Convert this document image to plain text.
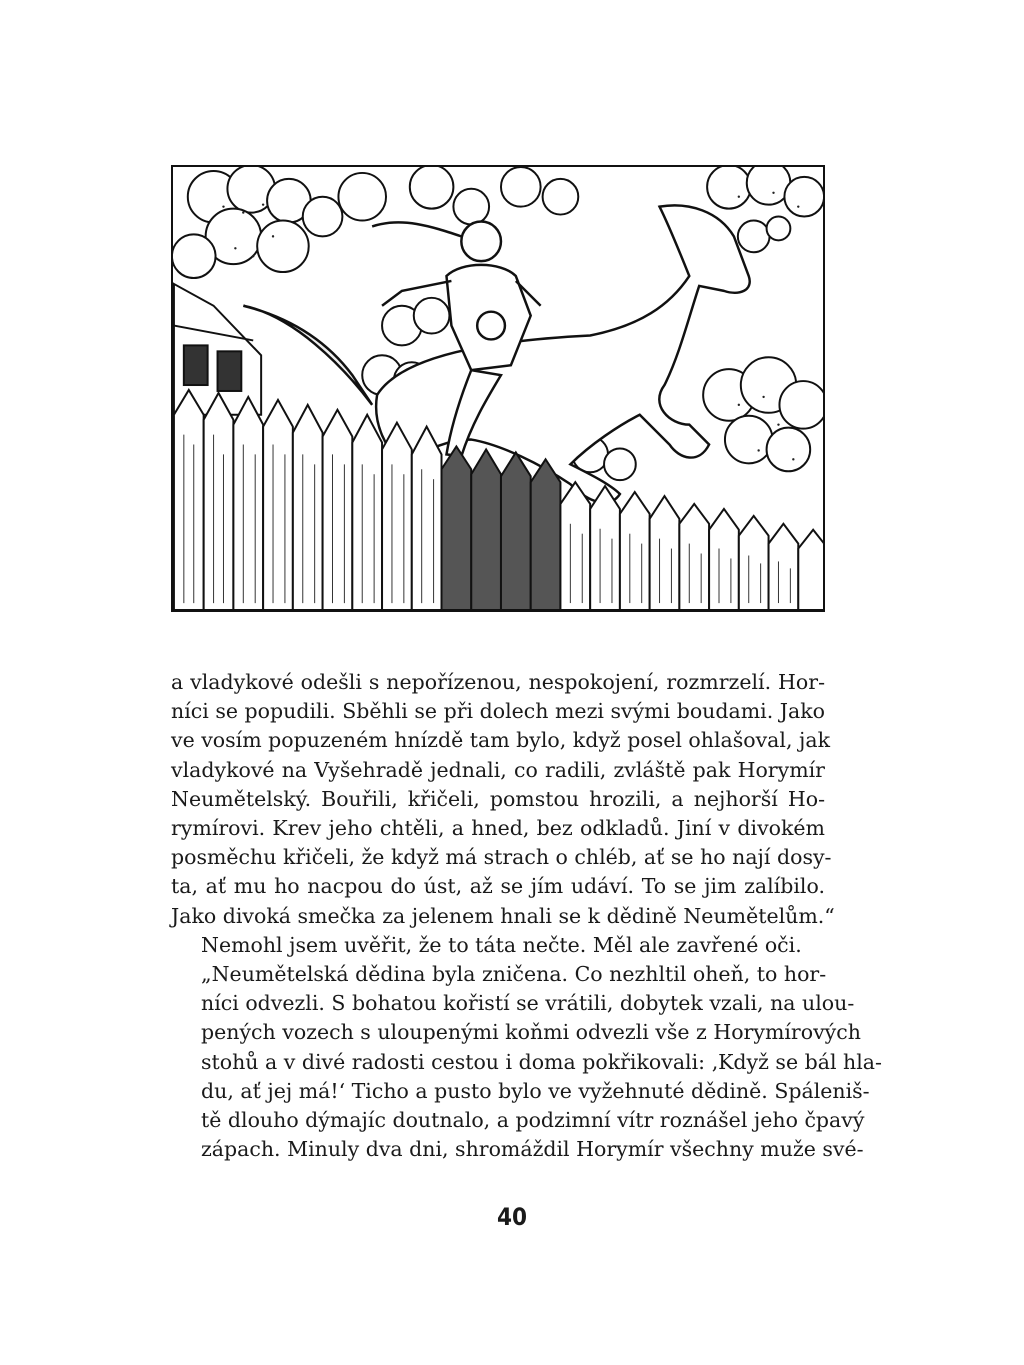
a vladykové odešli s nepořízenou, nespokojení, rozmrzelí. Hor-
níci se popudili. Sběhli se při dolech mezi svými boudami. Jako
ve vosím popuzeném hnízdě tam bylo, když posel ohlašoval, jak
vladykové na Vyšehradě jednali, co radili, zvláště pak Horymír
Neumětelský. Bouřili, křičeli, pomstou hrozili, a nejhorší Ho-
rymírovi. Krev jeho chtěli, a hned, bez odkladů. Jiní v divokém
posměchu křičeli, že když má strach o chléb, ať se ho nají dosy-
ta, ať mu ho nacpou do úst, až se jím udáví. To se jim zalíbilo.
Jako divoká smečka za jelenem hnali se k dědině Neumětelům.“

Nemohl jsem uvěřit, že to táta nečte. Měl ale zavřené oči.

„Neumětelská dědina byla zničena. Co nezhltil oheň, to hor-
níci odvezli. S bohatou kořistí se vrátili, dobytek vzali, na ulou-
pených vozech s uloupenými koňmi odvezli vše z Horymírových
stohů a v divé radosti cestou i doma pokřikovali: ‚Když se bál hla-
du, ať jej má!‘ Ticho a pusto bylo ve vyžehnuté dědině. Spáleniš-
tě dlouho dýmajíc doutnalo, a podzimní vítr roznášel jeho čpavý
zápach. Minuly dva dni, shromáždil Horymír všechny muže své-

40
